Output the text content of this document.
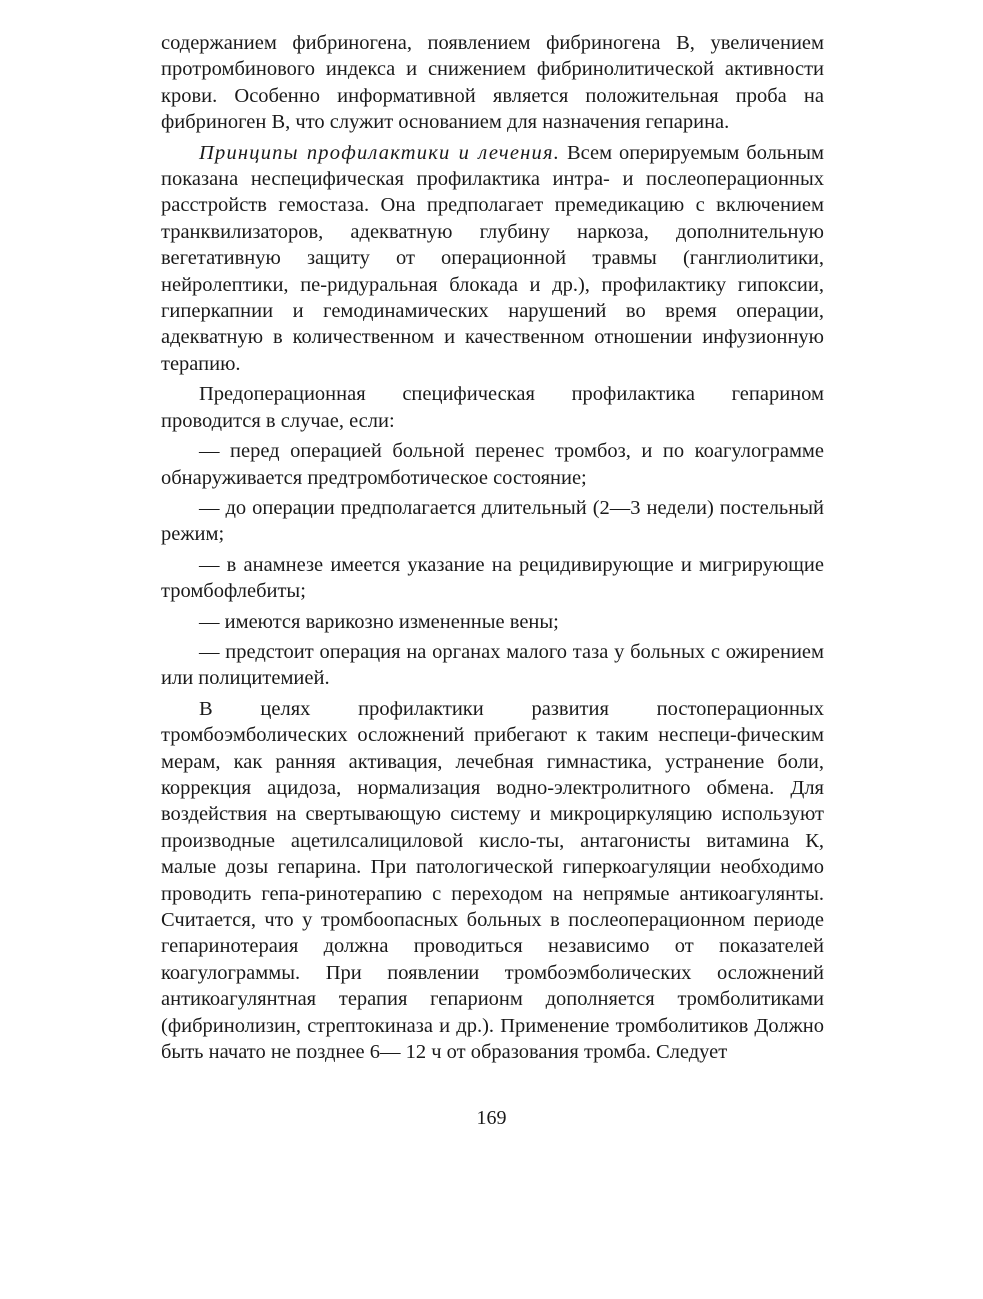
содержанием фибриногена, появлением фибриногена В, увеличением протромбинового индекса и снижением фибринолитической активности крови. Особенно информативной является положительная проба на фибриноген В, что служит основанием для назначения гепарина.

Принципы профилактики и лечения. Всем оперируемым больным показана неспецифическая профилактика интра- и послеоперационных расстройств гемостаза. Она предполагает премедикацию с включением транквилизаторов, адекватную глубину наркоза, дополнительную вегетативную защиту от операционной травмы (ганглиолитики, нейролептики, пе-ридуральная блокада и др.), профилактику гипоксии, гиперкапнии и гемодинамических нарушений во время операции, адекватную в количественном и качественном отношении инфузионную терапию.

Предоперационная специфическая профилактика гепарином проводится в случае, если:

— перед операцией больной перенес тромбоз, и по коагулограмме обнаруживается предтромботическое состояние;

— до операции предполагается длительный (2—3 недели) постельный режим;

— в анамнезе имеется указание на рецидивирующие и мигрирующие тромбофлебиты;

— имеются варикозно измененные вены;

— предстоит операция на органах малого таза у больных с ожирением или полицитемией.

В целях профилактики развития постоперационных тромбоэмболических осложнений прибегают к таким неспеци-фическим мерам, как ранняя активация, лечебная гимнастика, устранение боли, коррекция ацидоза, нормализация водно-электролитного обмена. Для воздействия на свертывающую систему и микроциркуляцию используют производные ацетилсалициловой кисло-ты, антагонисты витамина К, малые дозы гепарина. При патологической гиперкоагуляции необходимо проводить гепа-ринотерапию с переходом на непрямые антикоагулянты. Считается, что у тромбоопасных больных в послеоперационном периоде гепаринотераия должна проводиться независимо от показателей коагулограммы. При появлении тромбоэмболических осложнений антикоагулянтная терапия гепарионм дополняется тромболитиками (фибринолизин, стрептокиназа и др.). Применение тромболитиков Должно быть начато не позднее 6— 12 ч от образования тромба. Следует

169
